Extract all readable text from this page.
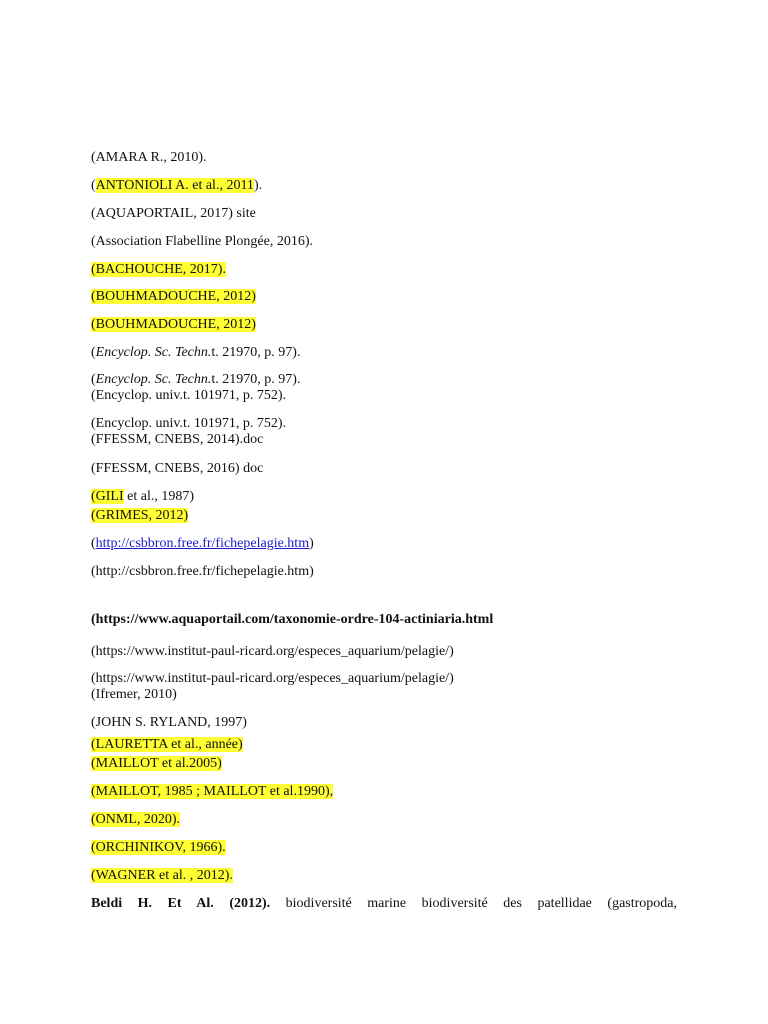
(AMARA R., 2010).
(ANTONIOLI A. et al., 2011).
(AQUAPORTAIL, 2017) site
(Association Flabelline Plongée, 2016).
(BACHOUCHE, 2017).
(BOUHMADOUCHE, 2012)
(BOUHMADOUCHE, 2012)
(Encyclop. Sc. Techn.t. 21970, p. 97).
(Encyclop. Sc. Techn.t. 21970, p. 97).
(Encyclop. univ.t. 101971, p. 752).
(Encyclop. univ.t. 101971, p. 752).
(FFESSM, CNEBS, 2014).doc
(FFESSM, CNEBS, 2016) doc
(GILI et al., 1987)
(GRIMES, 2012)
(http://csbbron.free.fr/fichepelagie.htm)
(http://csbbron.free.fr/fichepelagie.htm)
(https://www.aquaportail.com/taxonomie-ordre-104-actiniaria.html
(https://www.institut-paul-ricard.org/especes_aquarium/pelagie/)
(https://www.institut-paul-ricard.org/especes_aquarium/pelagie/)
(Ifremer, 2010)
(JOHN S. RYLAND, 1997)
(LAURETTA et al., année)
(MAILLOT et al.2005)
(MAILLOT, 1985 ; MAILLOT et al.1990),
(ONML, 2020).
(ORCHINIKOV, 1966).
(WAGNER et al. , 2012).
Beldi H. Et Al. (2012). biodiversité marine biodiversité des patellidae (gastropoda,
